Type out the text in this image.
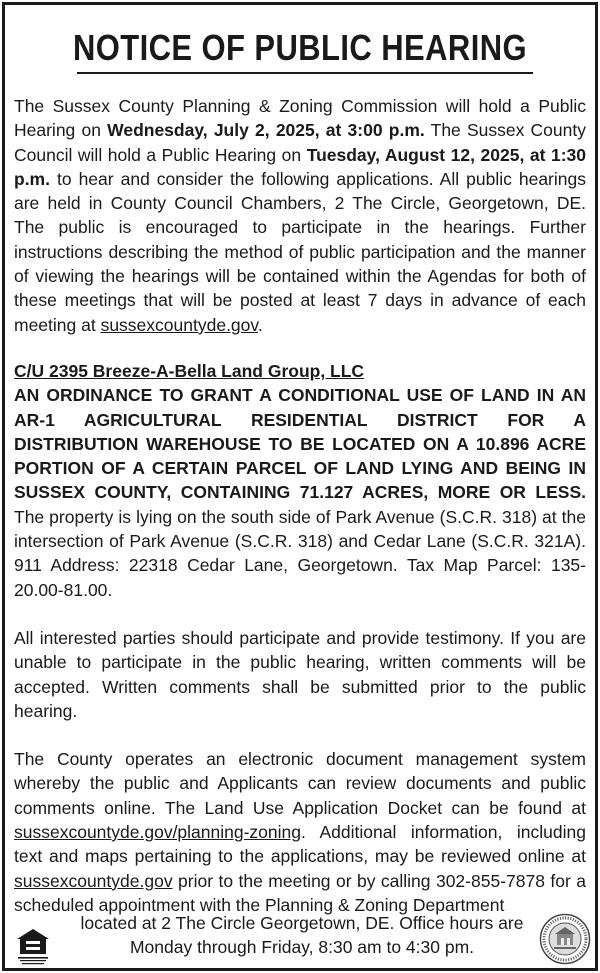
NOTICE OF PUBLIC HEARING

The Sussex County Planning & Zoning Commission will hold a Public Hearing on Wednesday, July 2, 2025, at 3:00 p.m. The Sussex County Council will hold a Public Hearing on Tuesday, August 12, 2025, at 1:30 p.m. to hear and consider the following applications. All public hearings are held in County Council Chambers, 2 The Circle, Georgetown, DE. The public is encouraged to participate in the hearings. Further instructions describing the method of public participation and the manner of viewing the hearings will be contained within the Agendas for both of these meetings that will be posted at least 7 days in advance of each meeting at sussexcountyde.gov.

C/U 2395 Breeze-A-Bella Land Group, LLC
AN ORDINANCE TO GRANT A CONDITIONAL USE OF LAND IN AN AR-1 AGRICULTURAL RESIDENTIAL DISTRICT FOR A DISTRIBUTION WAREHOUSE TO BE LOCATED ON A 10.896 ACRE PORTION OF A CERTAIN PARCEL OF LAND LYING AND BEING IN SUSSEX COUNTY, CONTAINING 71.127 ACRES, MORE OR LESS. The property is lying on the south side of Park Avenue (S.C.R. 318) at the intersection of Park Avenue (S.C.R. 318) and Cedar Lane (S.C.R. 321A). 911 Address: 22318 Cedar Lane, Georgetown. Tax Map Parcel: 135-20.00-81.00.

All interested parties should participate and provide testimony. If you are unable to participate in the public hearing, written comments will be accepted. Written comments shall be submitted prior to the public hearing.

The County operates an electronic document management system whereby the public and Applicants can review documents and public comments online. The Land Use Application Docket can be found at sussexcountyde.gov/planning-zoning. Additional information, including text and maps pertaining to the applications, may be reviewed online at sussexcountyde.gov prior to the meeting or by calling 302-855-7878 for a scheduled appointment with the Planning & Zoning Department

located at 2 The Circle Georgetown, DE. Office hours are
Monday through Friday, 8:30 am to 4:30 pm.
